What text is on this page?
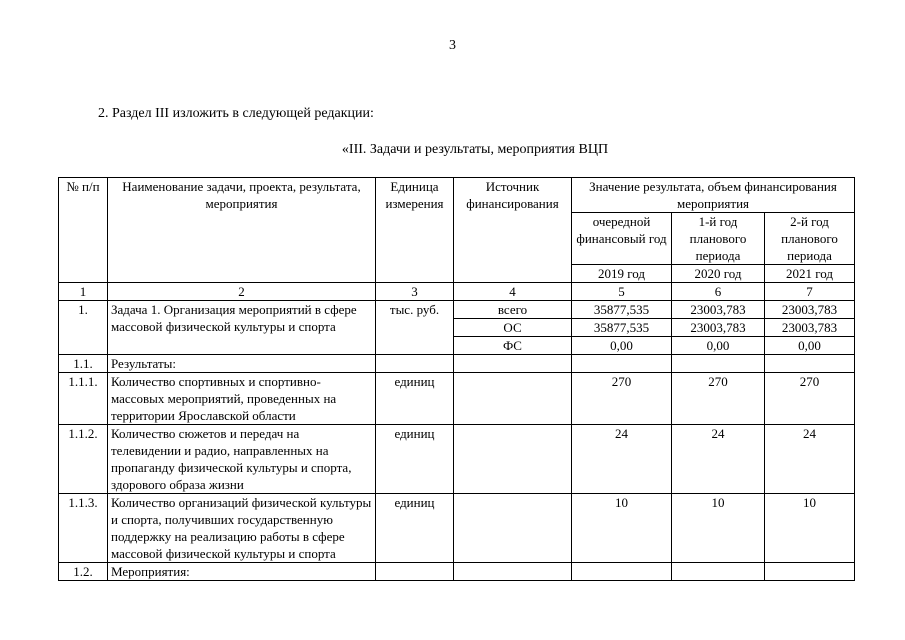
3
2. Раздел III изложить в следующей редакции:
«III. Задачи и результаты, мероприятия ВЦП
№ п/п	Наименование задачи, проекта, результата, мероприятия	Единица измерения	Источник финансирования	Значение результата, объем финансирования мероприятия		
				очередной финансовый год	1-й год планового периода	2-й год планового периода
				2019 год	2020 год	2021 год

1	2	3	4	5	6	7
1.	Задача 1. Организация мероприятий в сфере массовой физической культуры и спорта	тыс. руб.	всего	35877,535	23003,783	23003,783
			ОС	35877,535	23003,783	23003,783
			ФС	0,00	0,00	0,00
1.1.	Результаты:					
1.1.1.	Количество спортивных и спортивно-массовых мероприятий, проведенных на территории Ярославской области	единиц		270	270	270
1.1.2.	Количество сюжетов и передач на телевидении и радио, направленных на пропаганду физической культуры и спорта, здорового образа жизни	единиц		24	24	24
1.1.3.	Количество организаций физической культуры и спорта, получивших государственную поддержку на реализацию работы в сфере массовой физической культуры и спорта	единиц		10	10	10
1.2.	Мероприятия:					
